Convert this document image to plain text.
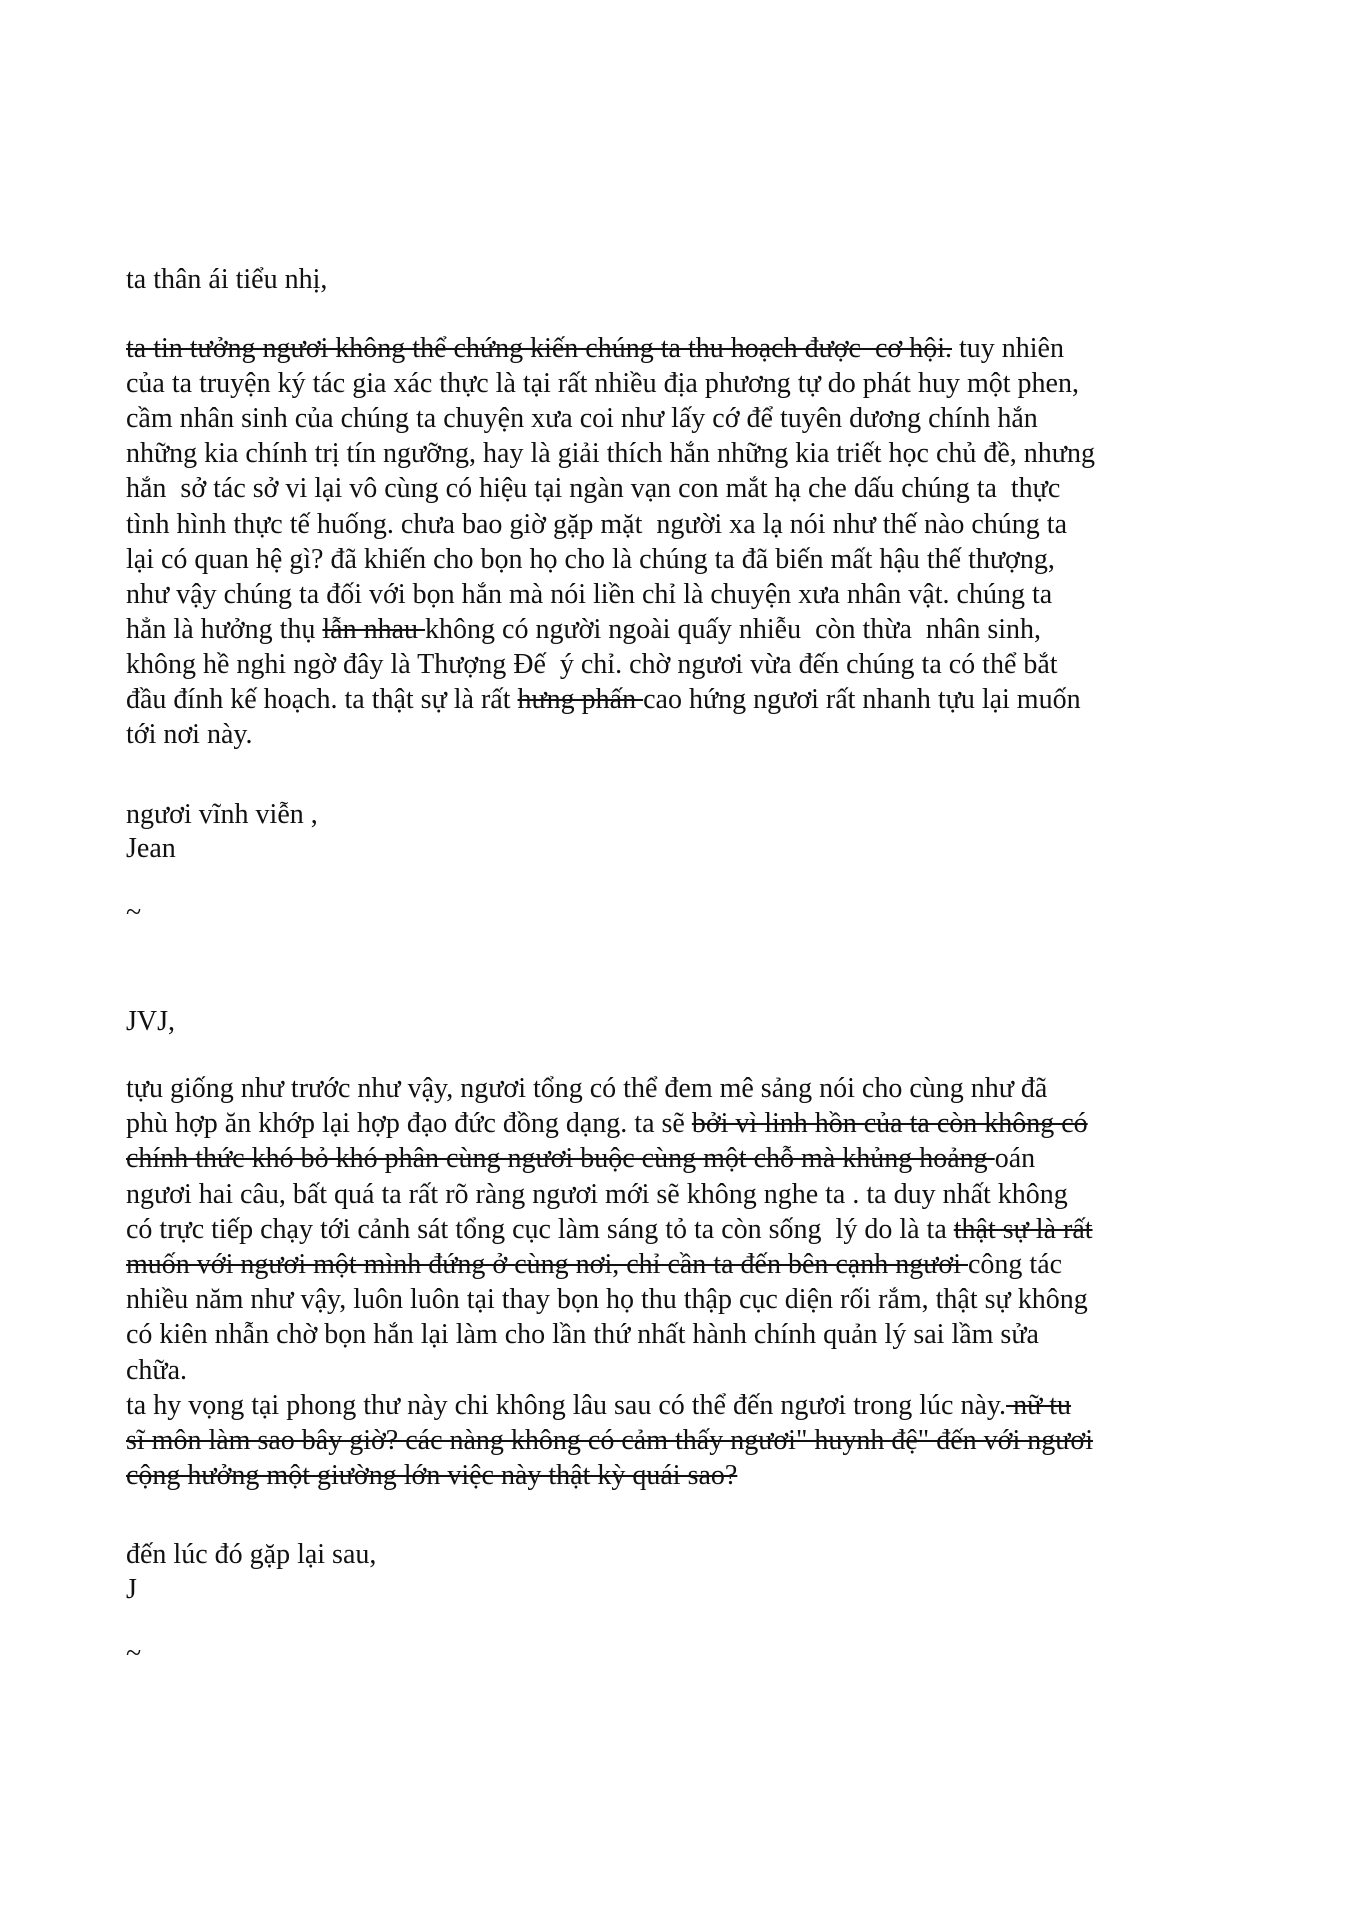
ta thân ái tiểu nhị,
ta tin tưởng ngươi không thể chứng kiến chúng ta thu hoạch được  cơ hội. tuy nhiên
của ta truyện ký tác gia xác thực là tại rất nhiều địa phương tự do phát huy một phen,
cầm nhân sinh của chúng ta chuyện xưa coi như lấy cớ để tuyên dương chính hắn
những kia chính trị tín ngưỡng, hay là giải thích hắn những kia triết học chủ đề, nhưng
hắn  sở tác sở vi lại vô cùng có hiệu tại ngàn vạn con mắt hạ che dấu chúng ta  thực
tình hình thực tế huống. chưa bao giờ gặp mặt  người xa lạ nói như thế nào chúng ta
lại có quan hệ gì? đã khiến cho bọn họ cho là chúng ta đã biến mất hậu thế thượng,
như vậy chúng ta đối với bọn hắn mà nói liền chỉ là chuyện xưa nhân vật. chúng ta
hẳn là hưởng thụ lẫn nhau không có người ngoài quấy nhiễu  còn thừa  nhân sinh,
không hề nghi ngờ đây là Thượng Đế  ý chỉ. chờ ngươi vừa đến chúng ta có thể bắt
đầu đính kế hoạch. ta thật sự là rất hưng phấn cao hứng ngươi rất nhanh tựu lại muốn
tới nơi này.
ngươi vĩnh viễn ,
Jean
~
JVJ,
tựu giống như trước như vậy, ngươi tổng có thể đem mê sảng nói cho cùng như đã
phù hợp ăn khớp lại hợp đạo đức đồng dạng. ta sẽ bởi vì linh hồn của ta còn không có
chính thức khó bỏ khó phân cùng ngươi buộc cùng một chỗ mà khủng hoảng oán
ngươi hai câu, bất quá ta rất rõ ràng ngươi mới sẽ không nghe ta . ta duy nhất không
có trực tiếp chạy tới cảnh sát tổng cục làm sáng tỏ ta còn sống  lý do là ta thật sự là rất
muốn với ngươi một mình đứng ở cùng nơi, chỉ cần ta đến bên cạnh ngươi công tác
nhiều năm như vậy, luôn luôn tại thay bọn họ thu thập cục diện rối rắm, thật sự không
có kiên nhẫn chờ bọn hắn lại làm cho lần thứ nhất hành chính quản lý sai lầm sửa
chữa.
ta hy vọng tại phong thư này chi không lâu sau có thể đến ngươi trong lúc này. nữ tu
sĩ môn làm sao bây giờ? các nàng không có cảm thấy ngươi" huynh đệ" đến với ngươi
cộng hưởng một giường lớn việc này thật kỳ quái sao?
đến lúc đó gặp lại sau,
J
~
